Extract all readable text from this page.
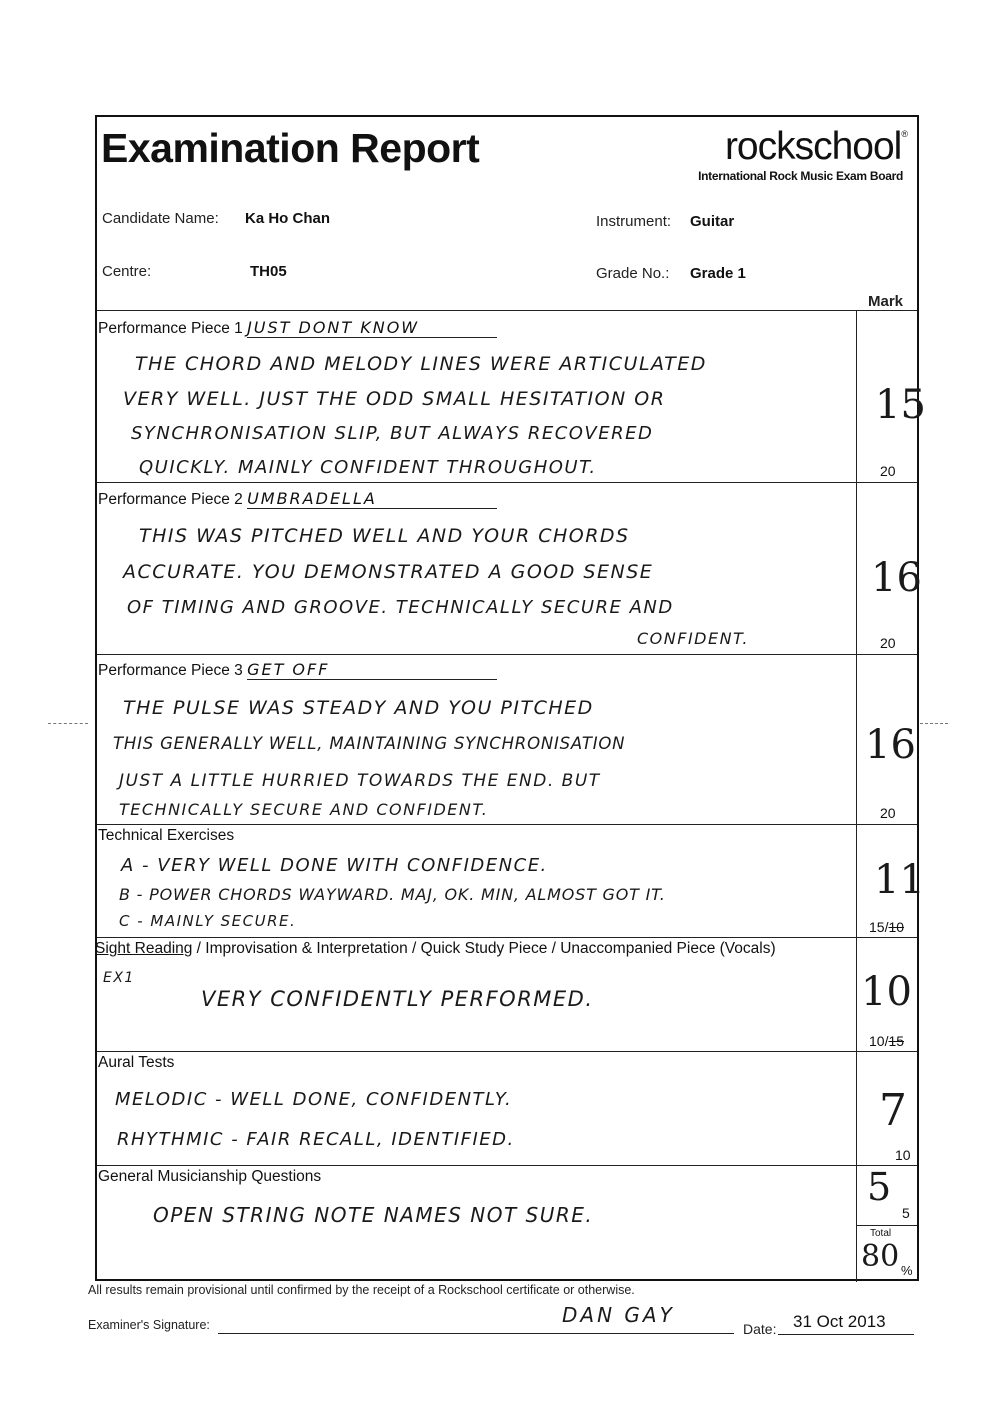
Examination Report	rockschool®
International Rock Music Exam Board
Candidate Name: Ka Ho Chan	Instrument: Guitar
Centre:	TH05	Grade No.: Grade 1
Mark
Performance Piece 1 JUST DONT KNOW
THE CHORD AND MELODY LINES WERE ARTICULATED
VERY WELL. JUST THE ODD SMALL HESITATION OR
SYNCHRONISATION SLIP, BUT ALWAYS RECOVERED
QUICKLY. MAINLY CONFIDENT THROUGHOUT.
15
20
Performance Piece 2 UMBRADELLA
THIS WAS PITCHED WELL AND YOUR CHORDS
ACCURATE. YOU DEMONSTRATED A GOOD SENSE
OF TIMING AND GROOVE. TECHNICALLY SECURE AND
CONFIDENT.
16
20
Performance Piece 3 GET OFF
THE PULSE WAS STEADY AND YOU PITCHED
THIS GENERALLY WELL, MAINTAINING SYNCHRONISATION
JUST A LITTLE HURRIED TOWARDS THE END. BUT
TECHNICALLY SECURE AND CONFIDENT.
16
20
Technical Exercises
A - VERY WELL DONE WITH CONFIDENCE.
B - POWER CHORDS WAYWARD. MAJ, OK. MIN, ALMOST GOT IT.
C - MAINLY SECURE.
11
15/10
Sight Reading / Improvisation & Interpretation / Quick Study Piece / Unaccompanied Piece (Vocals)
EX1
VERY CONFIDENTLY PERFORMED.	10
10/15
Aural Tests
MELODIC - WELL DONE, CONFIDENTLY.
RHYTHMIC - FAIR RECALL, IDENTIFIED.
7
10
General Musicianship Questions
OPEN STRING NOTE NAMES NOT SURE.
5
5
Total
80 %
All results remain provisional until confirmed by the receipt of a Rockschool certificate or otherwise.
Examiner's Signature:	DAN GAY
Date: 31 Oct 2013
